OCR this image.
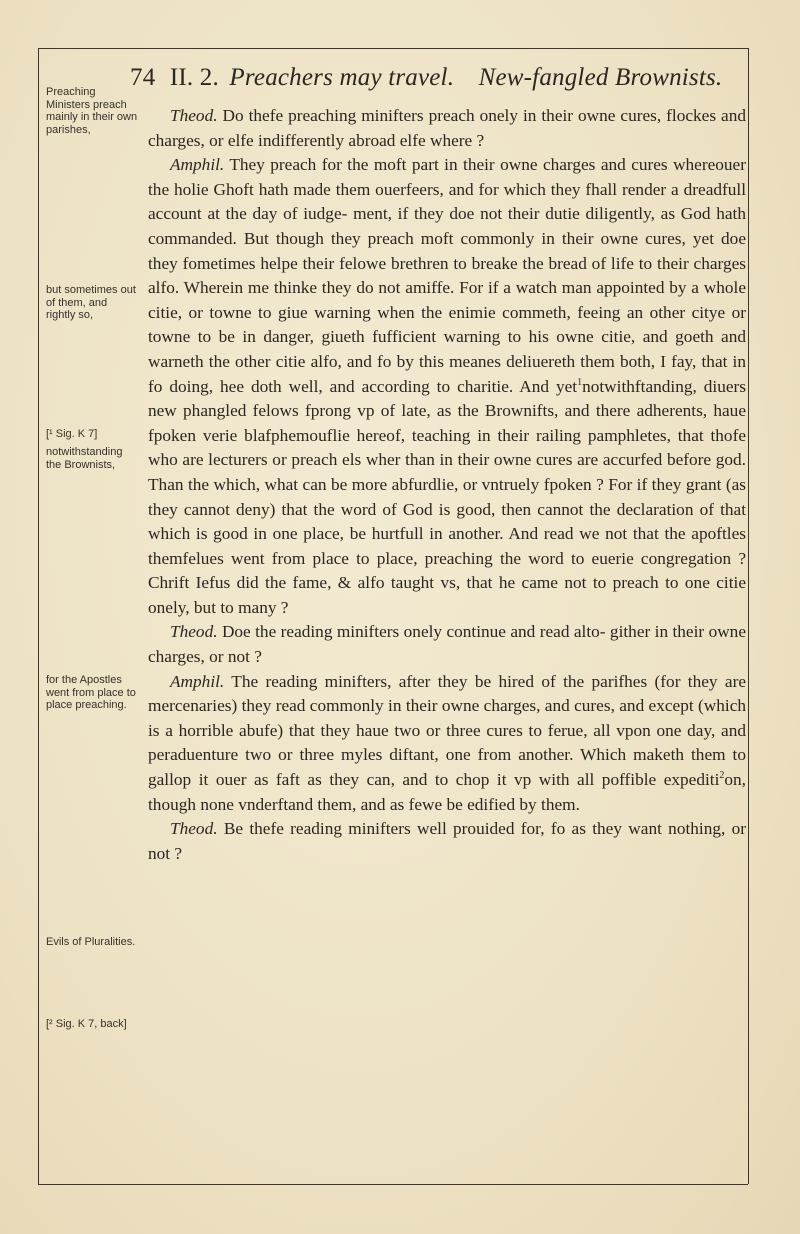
74 II. 2. Preachers may travel. New-fangled Brownists.
Preaching Ministers preach mainly in their own parishes,
but sometimes out of them, and rightly so,
[¹ Sig. K 7]
notwithstanding the Brownists,
for the Apostles went from place to place preaching.
Evils of Pluralities.
[² Sig. K 7, back]

Theod. Do thefe preaching minifters preach onely in their owne cures, flockes and charges, or elfe indifferently abroad elfe where ?

Amphil. They preach for the moft part in their owne charges and cures whereouer the holie Ghoft hath made them ouerfeers, and for which they fhall render a dreadfull account at the day of iudge- ment, if they doe not their dutie diligently, as God hath commanded. But though they preach moft commonly in their owne cures, yet doe they fometimes helpe their felowe brethren to breake the bread of life to their charges alfo. Wherein me thinke they do not amiffe. For if a watch man appointed by a whole citie, or towne to giue warning when the enimie commeth, feeing an other citye or towne to be in danger, giueth fufficient warning to his owne citie, and goeth and warneth the other citie alfo, and fo by this meanes deliuereth them both, I fay, that in fo doing, hee doth well, and according to charitie. And yet$^1$notwithftanding, diuers new phangled felows fprong vp of late, as the Brownifts, and there adherents, haue fpoken verie blafphemouflie hereof, teaching in their railing pamphletes, that thofe who are lecturers or preach els wher than in their owne cures are accurfed before god. Than the which, what can be more abfurdlie, or vntruely fpoken ? For if they grant (as they cannot deny) that the word of God is good, then cannot the declaration of that which is good in one place, be hurtfull in another. And read we not that the apoftles themfelues went from place to place, preaching the word to euerie congregation ? Chrift Iefus did the fame, & alfo taught vs, that he came not to preach to one citie onely, but to many ?

Theod. Doe the reading minifters onely continue and read alto- gither in their owne charges, or not ?

Amphil. The reading minifters, after they be hired of the parifhes (for they are mercenaries) they read commonly in their owne charges, and cures, and except (which is a horrible abufe) that they haue two or three cures to ferue, all vpon one day, and peraduenture two or three myles diftant, one from another. Which maketh them to gallop it ouer as faft as they can, and to chop it vp with all poffible expediti$^2$on, though none vnderftand them, and as fewe be edified by them.

Theod. Be thefe reading minifters well prouided for, fo as they want nothing, or not ?
